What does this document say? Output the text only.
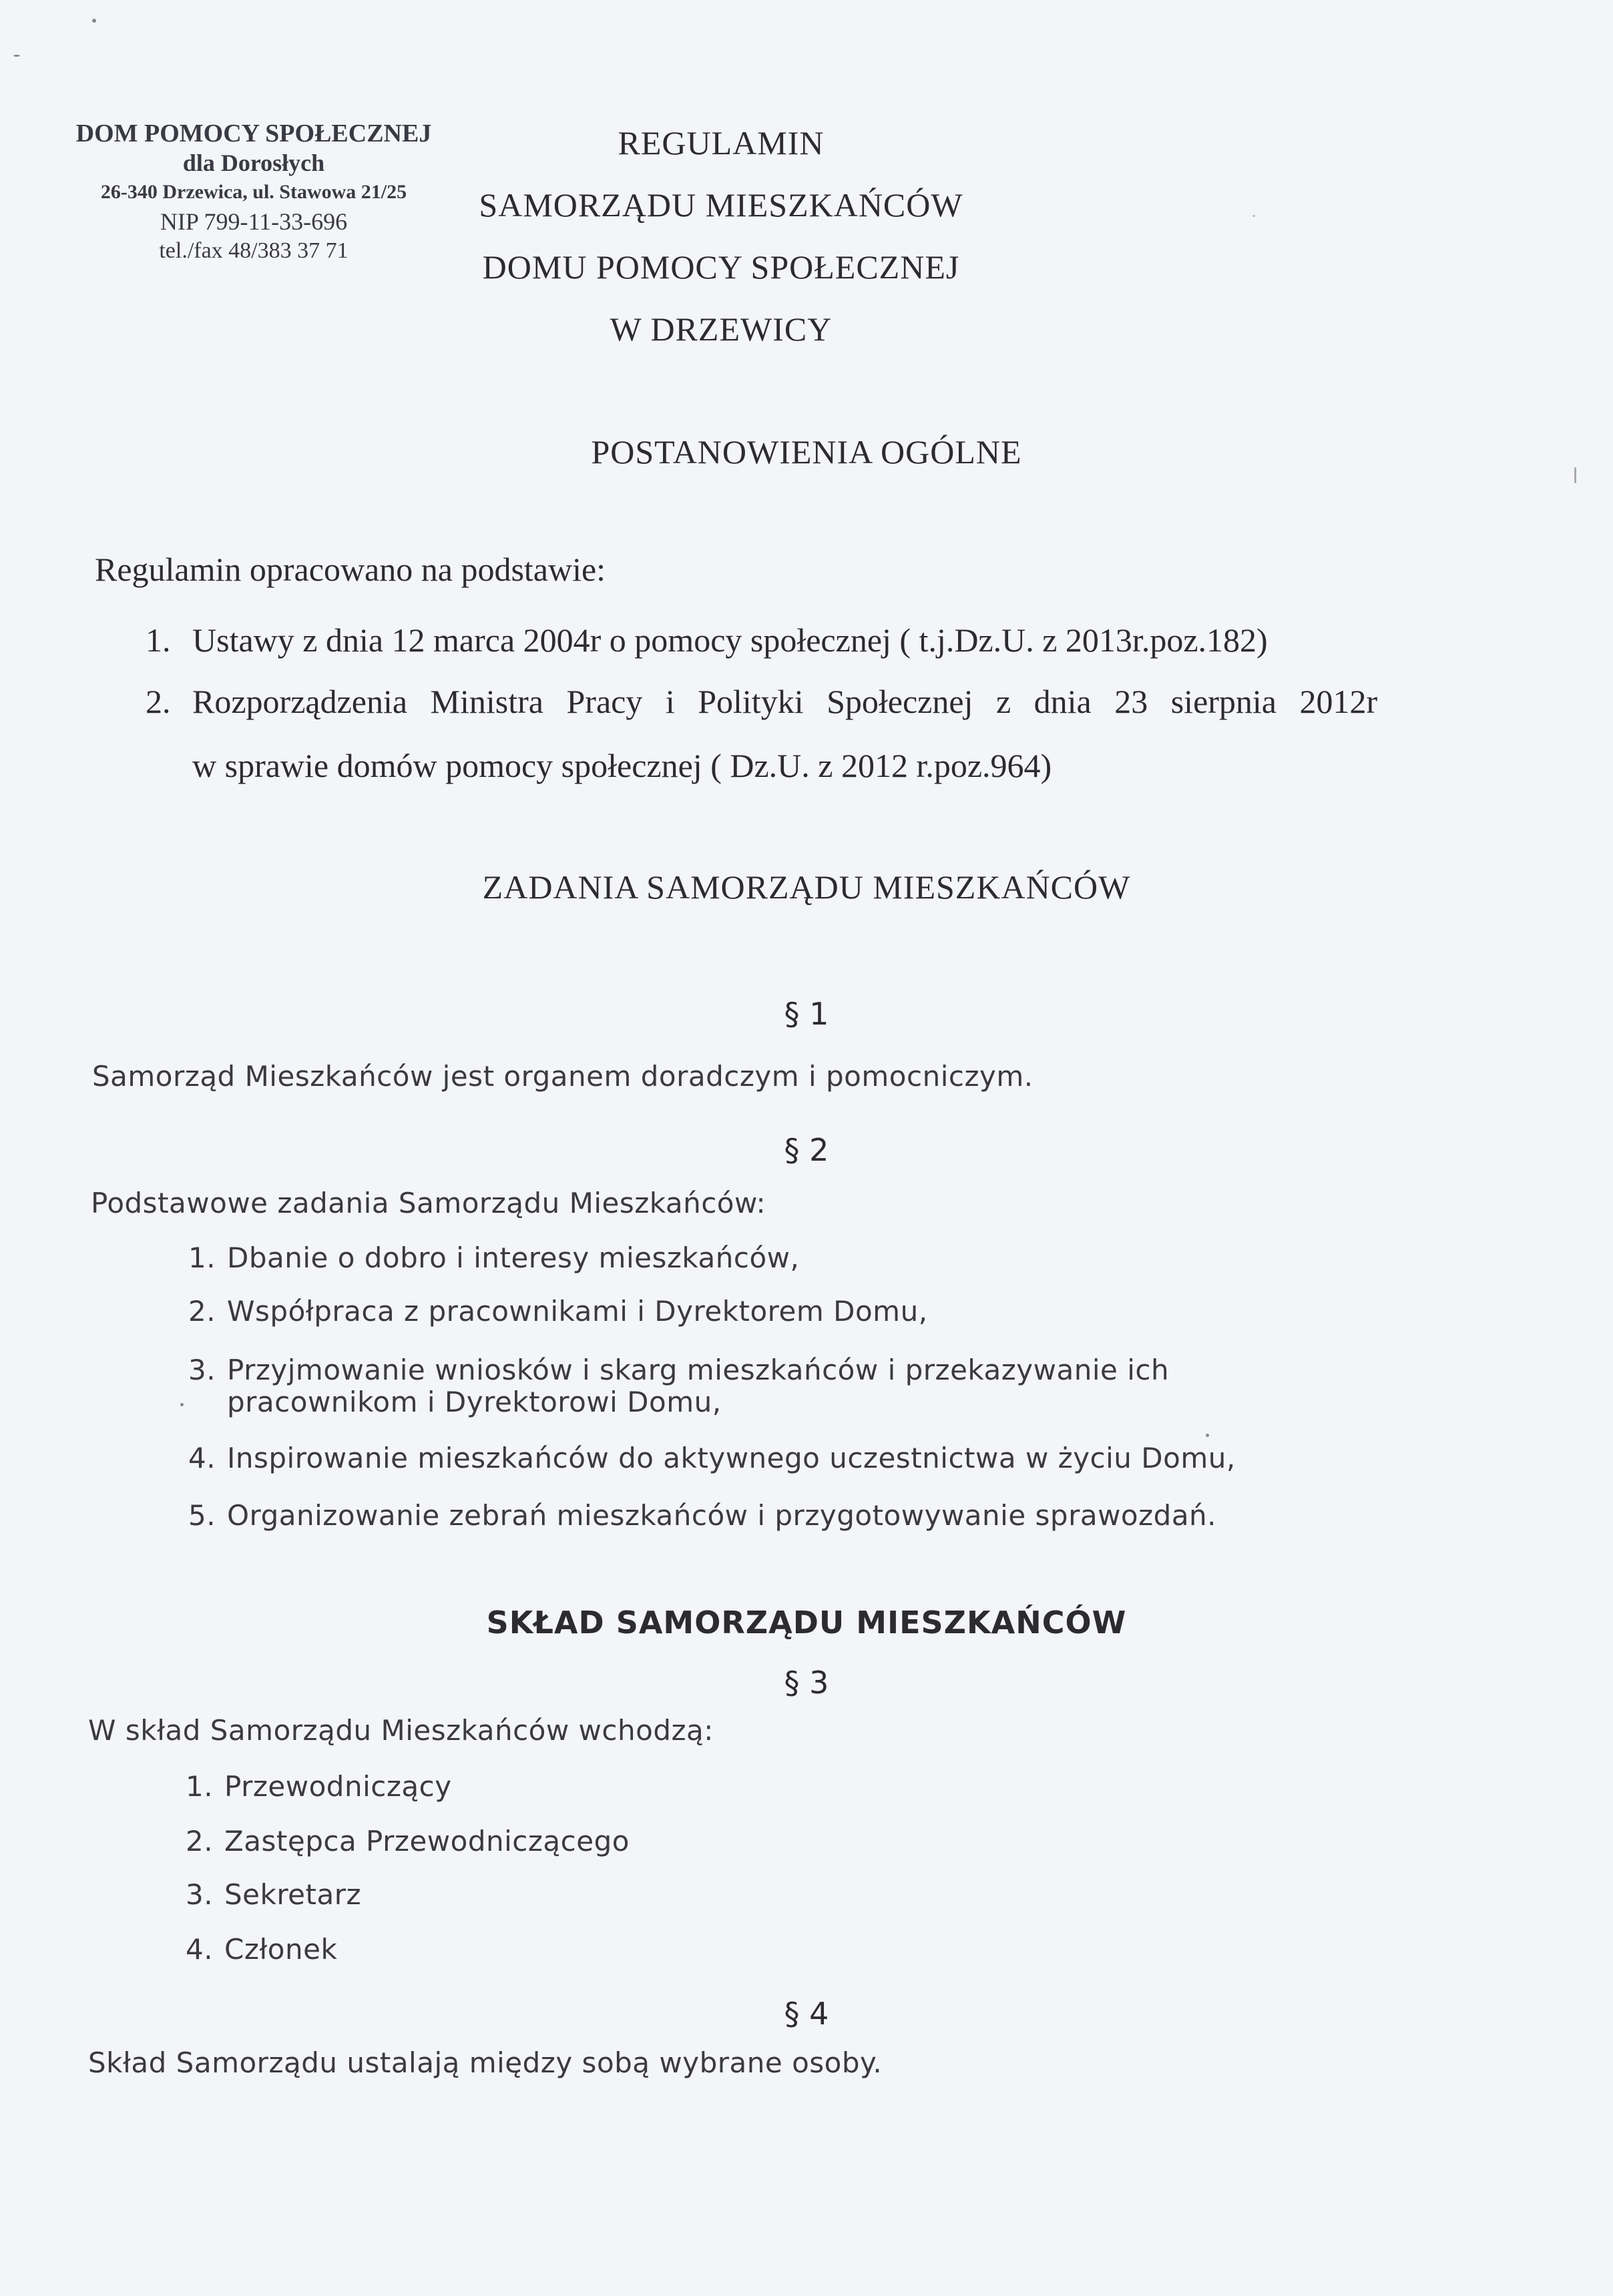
DOM POMOCY SPOŁECZNEJ
dla Dorosłych
26-340 Drzewica, ul. Stawowa 21/25
NIP 799-11-33-696
tel./fax 48/383 37 71
REGULAMIN
SAMORZĄDU MIESZKAŃCÓW
DOMU POMOCY SPOŁECZNEJ
W DRZEWICY
POSTANOWIENIA OGÓLNE
Regulamin opracowano na podstawie:
1. Ustawy z dnia 12 marca 2004r o pomocy społecznej ( t.j.Dz.U. z 2013r.poz.182)
2. Rozporządzenia Ministra Pracy i Polityki Społecznej z dnia 23 sierpnia 2012r
w sprawie domów pomocy społecznej ( Dz.U. z 2012 r.poz.964)
ZADANIA SAMORZĄDU MIESZKAŃCÓW
§ 1
Samorząd Mieszkańców jest organem doradczym i pomocniczym.
§ 2
Podstawowe zadania Samorządu Mieszkańców:
1. Dbanie o dobro i interesy mieszkańców,
2. Współpraca z pracownikami i Dyrektorem Domu,
3. Przyjmowanie wniosków i skarg mieszkańców i przekazywanie ich
pracownikom i Dyrektorowi Domu,
4. Inspirowanie mieszkańców do aktywnego uczestnictwa w życiu Domu,
5. Organizowanie zebrań mieszkańców i przygotowywanie sprawozdań.
SKŁAD SAMORZĄDU MIESZKAŃCÓW
§ 3
W skład Samorządu Mieszkańców wchodzą:
1. Przewodniczący
2. Zastępca Przewodniczącego
3. Sekretarz
4. Członek
§ 4
Skład Samorządu ustalają między sobą wybrane osoby.
